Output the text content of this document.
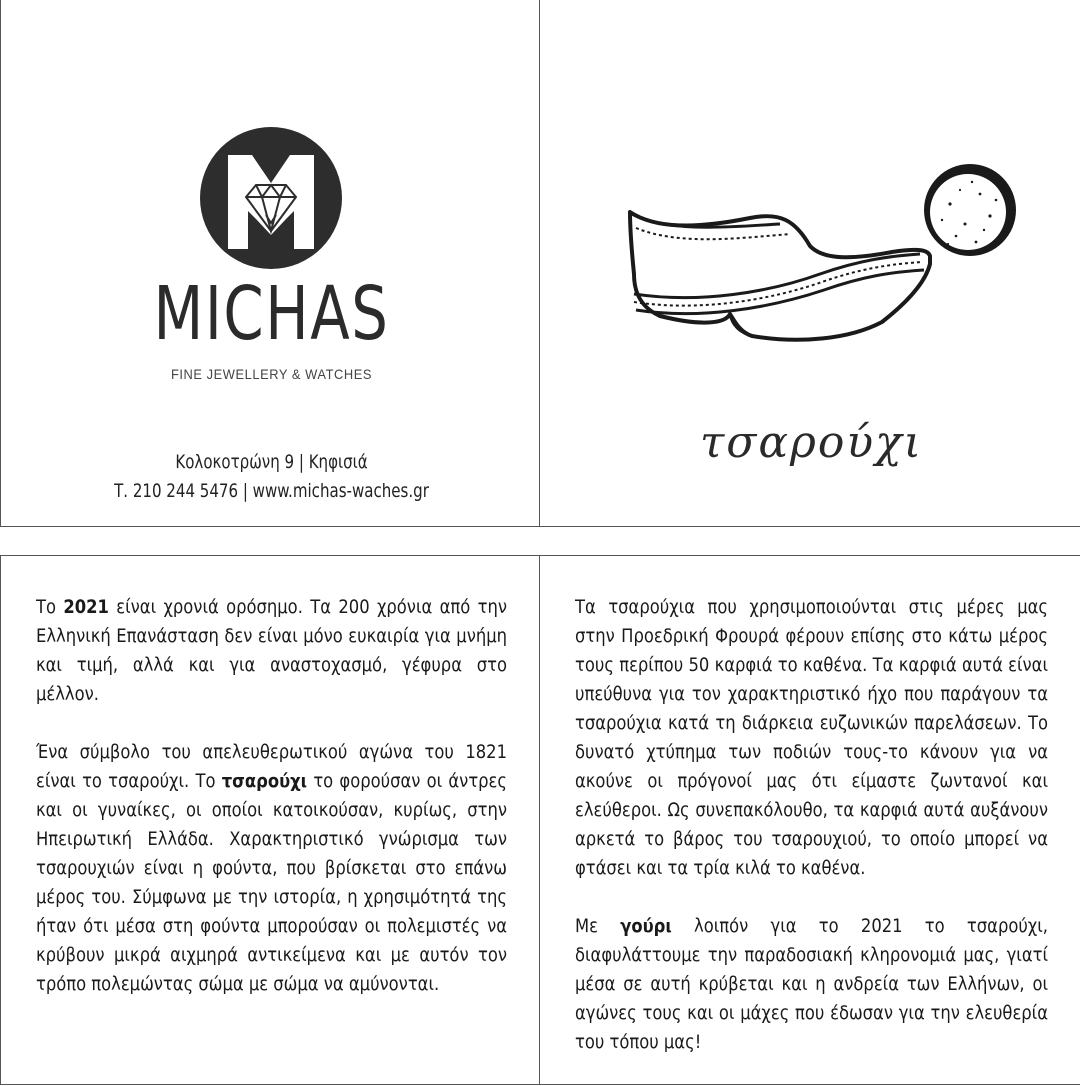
MICHAS
FINE JEWELLERY & WATCHES
Κολοκοτρώνη 9 | Κηφισιά
Τ. 210 244 5476 | www.michas-waches.gr
τσαρούχι

Το 2021 είναι χρονιά ορόσημο. Τα 200 χρόνια από την Ελληνική Επανάσταση δεν είναι μόνο ευκαιρία για μνήμη και τιμή, αλλά και για αναστοχασμό, γέφυρα στο μέλλον.

Ένα σύμβολο του απελευθερωτικού αγώνα του 1821 είναι το τσαρούχι. Το τσαρούχι το φορούσαν οι άντρες και οι γυναίκες, οι οποίοι κατοικούσαν, κυρίως, στην Ηπειρωτική Ελλάδα. Χαρακτηριστικό γνώρισμα των τσαρουχιών είναι η φούντα, που βρίσκεται στο επάνω μέρος του. Σύμφωνα με την ιστορία, η χρησιμότητά της ήταν ότι μέσα στη φούντα μπορούσαν οι πολεμιστές να κρύβουν μικρά αιχμηρά αντικείμενα και με αυτόν τον τρόπο πολεμώντας σώμα με σώμα να αμύνονται.

Τα τσαρούχια που χρησιμοποιούνται στις μέρες μας στην Προεδρική Φρουρά φέρουν επίσης στο κάτω μέρος τους περίπου 50 καρφιά το καθένα. Τα καρφιά αυτά είναι υπεύθυνα για τον χαρακτηριστικό ήχο που παράγουν τα τσαρούχια κατά τη διάρκεια ευζωνικών παρελάσεων. Το δυνατό χτύπημα των ποδιών τους-το κάνουν για να ακούνε οι πρόγονοί μας ότι είμαστε ζωντανοί και ελεύθεροι. Ως συνεπακόλουθο, τα καρφιά αυτά αυξάνουν αρκετά το βάρος του τσαρουχιού, το οποίο μπορεί να φτάσει και τα τρία κιλά το καθένα.

Με γούρι λοιπόν για το 2021 το τσαρούχι, διαφυλάττουμε την παραδοσιακή κληρονομιά μας, γιατί μέσα σε αυτή κρύβεται και η ανδρεία των Ελλήνων, οι αγώνες τους και οι μάχες που έδωσαν για την ελευθερία του τόπου μας!
